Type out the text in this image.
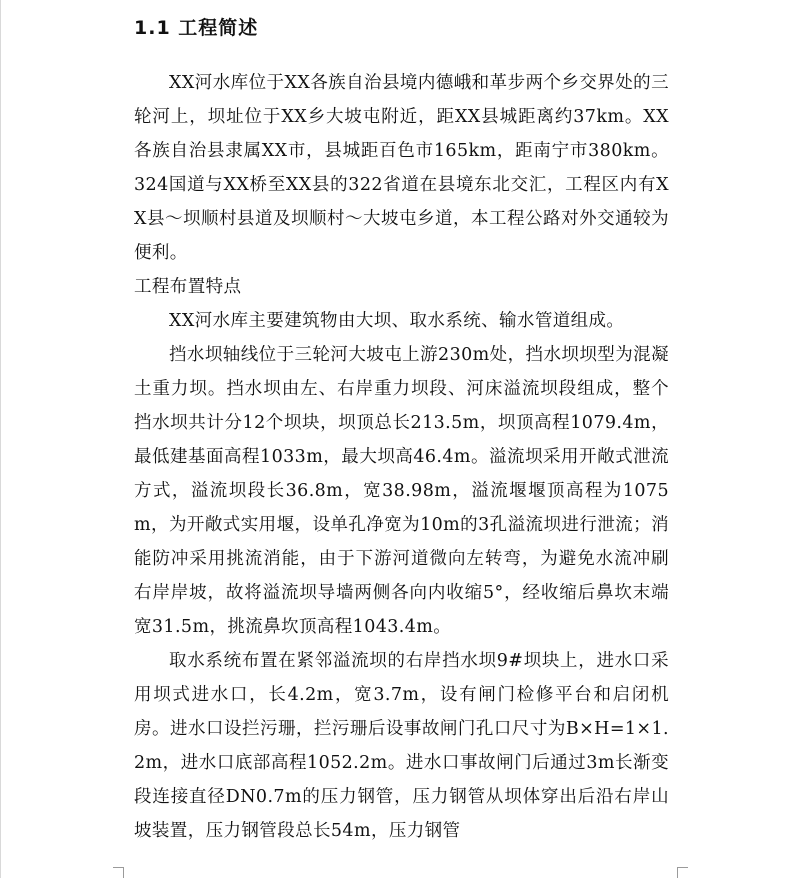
1.1 工程简述

XX河水库位于XX各族自治县境内德峨和革步两个乡交界处的三轮河上，坝址位于XX乡大坡屯附近，距XX县城距离约37km。XX各族自治县隶属XX市，县城距百色市165km，距南宁市380km。324国道与XX桥至XX县的322省道在县境东北交汇，工程区内有XX县～坝顺村县道及坝顺村～大坡屯乡道，本工程公路对外交通较为便利。

工程布置特点

XX河水库主要建筑物由大坝、取水系统、输水管道组成。

挡水坝轴线位于三轮河大坡屯上游230m处，挡水坝坝型为混凝土重力坝。挡水坝由左、右岸重力坝段、河床溢流坝段组成，整个挡水坝共计分12个坝块，坝顶总长213.5m，坝顶高程1079.4m，最低建基面高程1033m，最大坝高46.4m。溢流坝采用开敞式泄流方式，溢流坝段长36.8m，宽38.98m，溢流堰堰顶高程为1075m，为开敞式实用堰，设单孔净宽为10m的3孔溢流坝进行泄流；消能防冲采用挑流消能，由于下游河道微向左转弯，为避免水流冲刷右岸岸坡，故将溢流坝导墙两侧各向内收缩5°，经收缩后鼻坎末端宽31.5m，挑流鼻坎顶高程1043.4m。

取水系统布置在紧邻溢流坝的右岸挡水坝9#坝块上，进水口采用坝式进水口，长4.2m，宽3.7m，设有闸门检修平台和启闭机房。进水口设拦污珊，拦污珊后设事故闸门孔口尺寸为B×H=1×1.2m，进水口底部高程1052.2m。进水口事故闸门后通过3m长渐变段连接直径DN0.7m的压力钢管，压力钢管从坝体穿出后沿右岸山坡装置，压力钢管段总长54m，压力钢管
